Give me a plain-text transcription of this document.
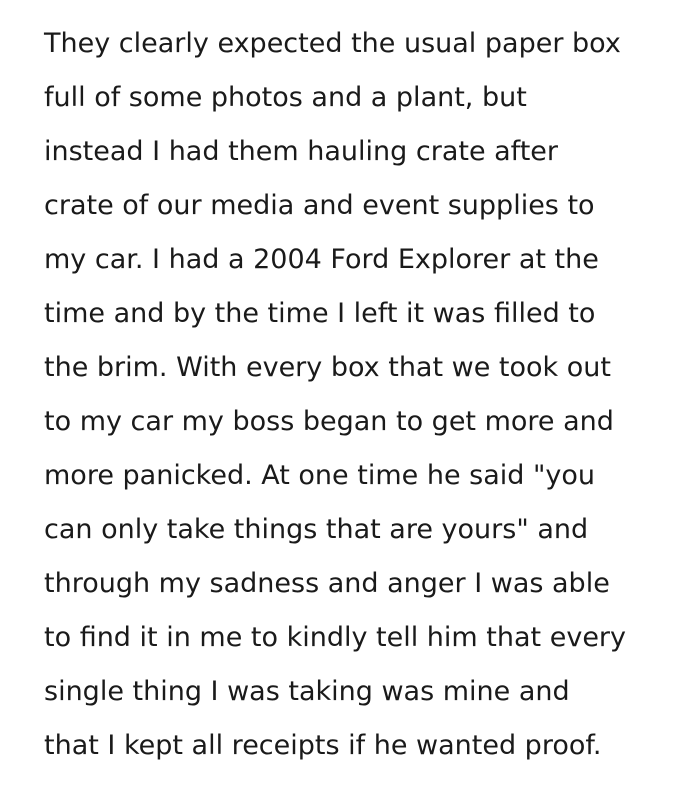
They clearly expected the usual paper box
full of some photos and a plant, but
instead I had them hauling crate after
crate of our media and event supplies to
my car. I had a 2004 Ford Explorer at the
time and by the time I left it was filled to
the brim. With every box that we took out
to my car my boss began to get more and
more panicked. At one time he said "you
can only take things that are yours" and
through my sadness and anger I was able
to find it in me to kindly tell him that every
single thing I was taking was mine and
that I kept all receipts if he wanted proof.
